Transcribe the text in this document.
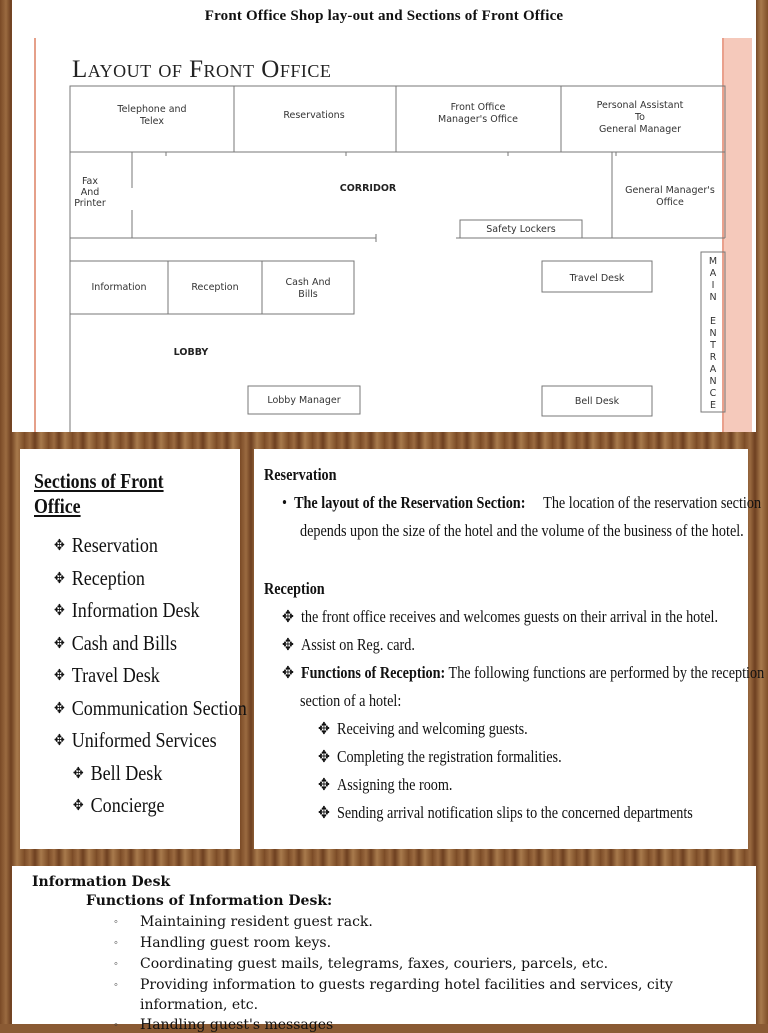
Front Office Shop lay-out and Sections of Front Office
Layout of Front Office
Telephone and
Telex
Reservations
Front Office
Manager's Office
Personal Assistant
To
General Manager
Fax
And
Printer
CORRIDOR	General Manager's
Office
Safety Lockers
Information	Reception	Cash And
Bills
Travel Desk
LOBBY
Lobby Manager	Bell Desk
M
A
I
N
E
N
T
R
A
N
C
E
Sections of Front Office
✥ Reservation
✥ Reception
✥ Information Desk
✥ Cash and Bills
✥ Travel Desk
✥ Communication Section
✥ Uniformed Services
✥ Bell Desk
✥ Concierge
Reservation
• The layout of the Reservation Section: The location of the reservation section
depends upon the size of the hotel and the volume of the business of the hotel.
Reception
✥ the front office receives and welcomes guests on their arrival in the hotel.
✥ Assist on Reg. card.
✥ Functions of Reception: The following functions are performed by the reception
section of a hotel:
✥ Receiving and welcoming guests.
✥ Completing the registration formalities.
✥ Assigning the room.
✥ Sending arrival notification slips to the concerned departments
Information Desk
Functions of Information Desk:
◦ Maintaining resident guest rack.
◦ Handling guest room keys.
◦ Coordinating guest mails, telegrams, faxes, couriers, parcels, etc.
◦ Providing information to guests regarding hotel facilities and services, city
information, etc.
◦ Handling guest's messages
